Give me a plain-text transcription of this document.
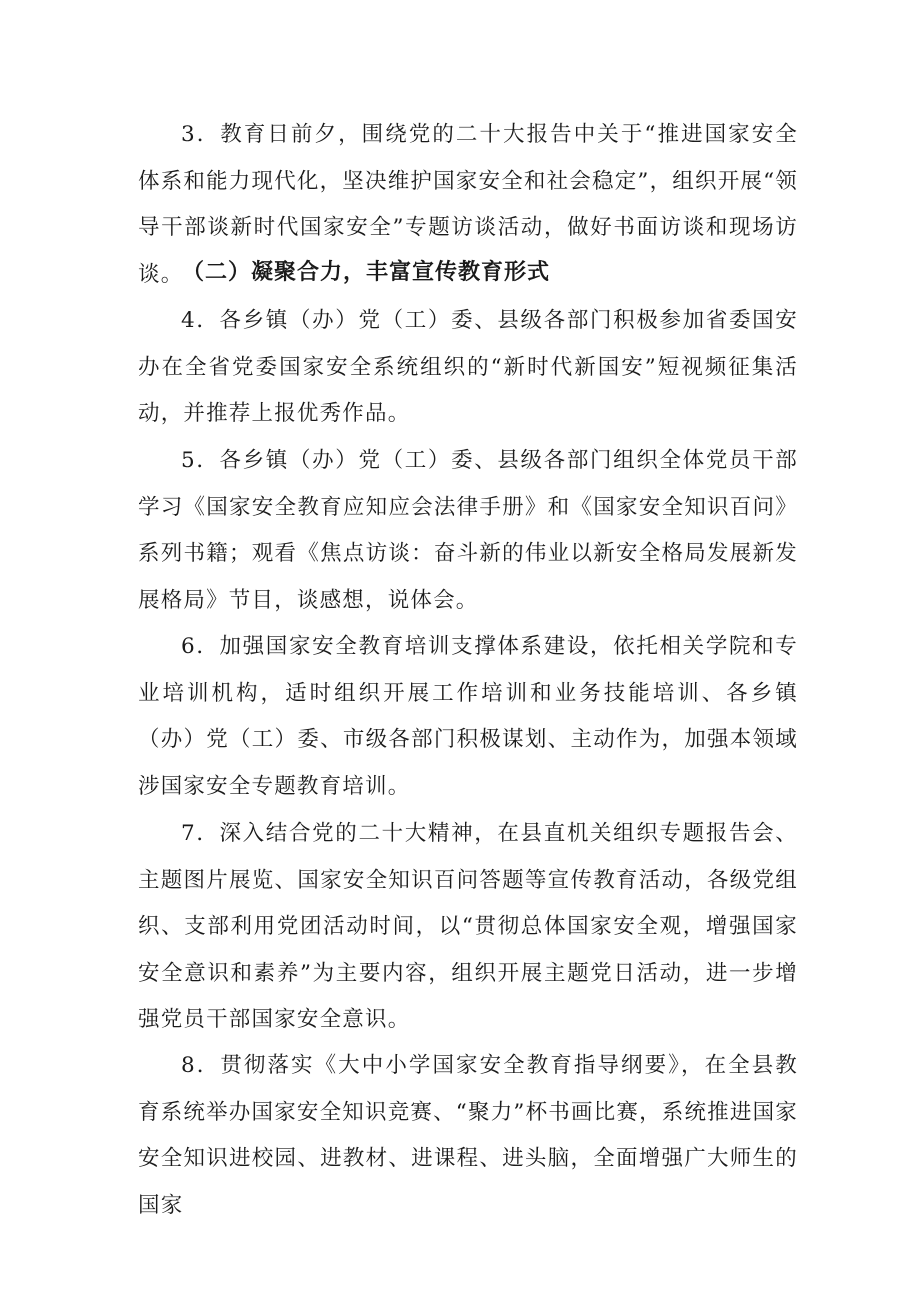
3．教育日前夕，围绕党的二十大报告中关于“推进国家安全体系和能力现代化，坚决维护国家安全和社会稳定”，组织开展“领导干部谈新时代国家安全”专题访谈活动，做好书面访谈和现场访谈。

（二）凝聚合力，丰富宣传教育形式

4．各乡镇（办）党（工）委、县级各部门积极参加省委国安办在全省党委国家安全系统组织的“新时代新国安”短视频征集活动，并推荐上报优秀作品。

5．各乡镇（办）党（工）委、县级各部门组织全体党员干部学习《国家安全教育应知应会法律手册》和《国家安全知识百问》系列书籍；观看《焦点访谈：奋斗新的伟业以新安全格局发展新发展格局》节目，谈感想，说体会。

6．加强国家安全教育培训支撑体系建设，依托相关学院和专业培训机构，适时组织开展工作培训和业务技能培训、各乡镇（办）党（工）委、市级各部门积极谋划、主动作为，加强本领域涉国家安全专题教育培训。

7．深入结合党的二十大精神，在县直机关组织专题报告会、主题图片展览、国家安全知识百问答题等宣传教育活动，各级党组织、支部利用党团活动时间，以“贯彻总体国家安全观，增强国家安全意识和素养”为主要内容，组织开展主题党日活动，进一步增强党员干部国家安全意识。

8．贯彻落实《大中小学国家安全教育指导纲要》，在全县教育系统举办国家安全知识竞赛、“聚力”杯书画比赛，系统推进国家安全知识进校园、进教材、进课程、进头脑，全面增强广大师生的国家
